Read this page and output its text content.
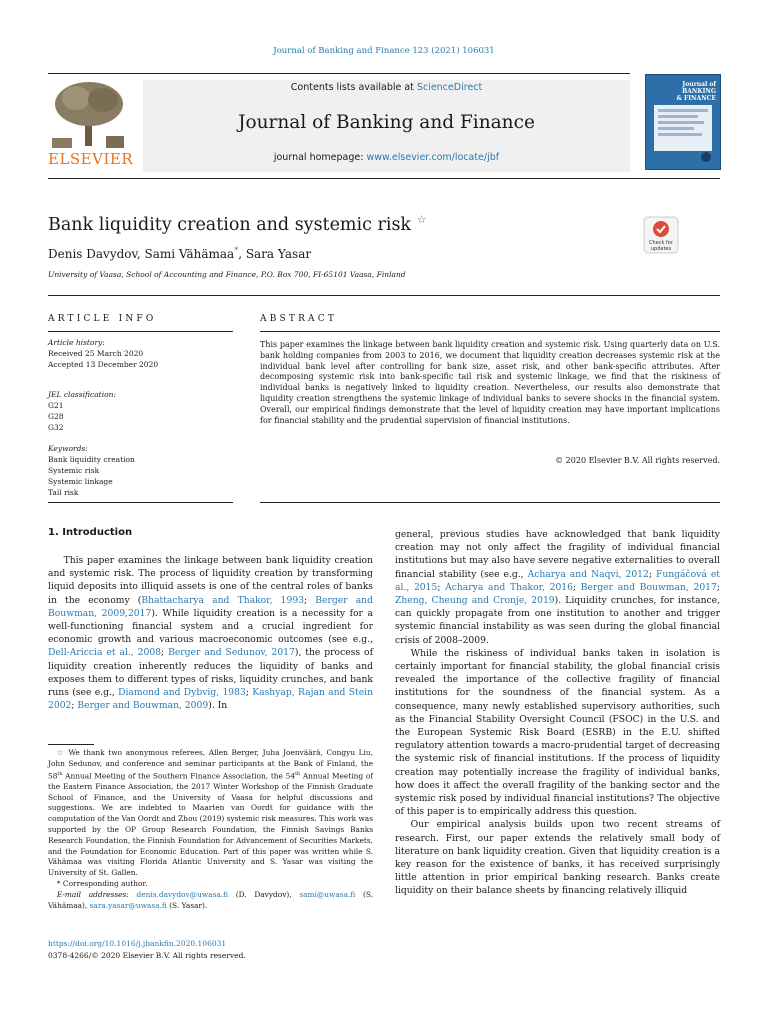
Journal of Banking and Finance 123 (2021) 106031
ELSEVIER
Contents lists available at ScienceDirect
Journal of Banking and Finance
journal homepage: www.elsevier.com/locate/jbf
Journal of
BANKING
& FINANCE
Bank liquidity creation and systemic risk ☆
Denis Davydov, Sami Vähämaa*, Sara Yasar
University of Vaasa, School of Accounting and Finance, P.O. Box 700, FI-65101 Vaasa, Finland
Check for
updates
ARTICLE INFO	ABSTRACT
Article history:
Received 25 March 2020
Accepted 13 December 2020
JEL classification:
G21
G28
G32
Keywords:
Bank liquidity creation
Systemic risk
Systemic linkage
Tail risk
This paper examines the linkage between bank liquidity creation and systemic risk. Using quarterly data on U.S. bank holding companies from 2003 to 2016, we document that liquidity creation decreases systemic risk at the individual bank level after controlling for bank size, asset risk, and other bank-specific attributes. After decomposing systemic risk into bank-specific tail risk and systemic linkage, we find that the riskiness of individual banks is negatively linked to liquidity creation. Nevertheless, our results also demonstrate that liquidity creation strengthens the systemic linkage of individual banks to severe shocks in the financial system. Overall, our empirical findings demonstrate that the level of liquidity creation may have important implications for financial stability and the prudential supervision of financial institutions.
© 2020 Elsevier B.V. All rights reserved.
1. Introduction

This paper examines the linkage between bank liquidity creation and systemic risk. The process of liquidity creation by transforming liquid deposits into illiquid assets is one of the central roles of banks in the economy (Bhattacharya and Thakor, 1993; Berger and Bouwman, 2009,2017). While liquidity creation is a necessity for a well-functioning financial system and a crucial ingredient for economic growth and various macroeconomic outcomes (see e.g., Dell-Ariccia et al., 2008; Berger and Sedunov, 2017), the process of liquidity creation inherently reduces the liquidity of banks and exposes them to different types of risks, liquidity crunches, and bank runs (see e.g., Diamond and Dybvig, 1983; Kashyap, Rajan and Stein 2002; Berger and Bouwman, 2009). In

general, previous studies have acknowledged that bank liquidity creation may not only affect the fragility of individual financial institutions but may also have severe negative externalities to overall financial stability (see e.g., Acharya and Naqvi, 2012; Fungáčová et al., 2015; Acharya and Thakor, 2016; Berger and Bouwman, 2017; Zheng, Cheung and Cronje, 2019). Liquidity crunches, for instance, can quickly propagate from one institution to another and trigger systemic financial instability as was seen during the global financial crisis of 2008–2009.

While the riskiness of individual banks taken in isolation is certainly important for financial stability, the global financial crisis revealed the importance of the collective fragility of financial institutions for the soundness of the financial system. As a consequence, many newly established supervisory authorities, such as the Financial Stability Oversight Council (FSOC) in the U.S. and the European Systemic Risk Board (ESRB) in the E.U. shifted regulatory attention towards a macro-prudential target of decreasing the systemic risk of financial institutions. If the process of liquidity creation may potentially increase the fragility of individual banks, how does it affect the overall fragility of the banking sector and the systemic risk posed by individual financial institutions? The objective of this paper is to empirically address this question.

Our empirical analysis builds upon two recent streams of research. First, our paper extends the relatively small body of literature on bank liquidity creation. Given that liquidity creation is a key reason for the existence of banks, it has received surprisingly little attention in prior empirical banking research. Banks create liquidity on their balance sheets by financing relatively illiquid

☆ We thank two anonymous referees, Allen Berger, Juha Joenväärä, Congyu Liu, John Sedunov, and conference and seminar participants at the Bank of Finland, the 58th Annual Meeting of the Southern Finance Association, the 54th Annual Meeting of the Eastern Finance Association, the 2017 Winter Workshop of the Finnish Graduate School of Finance, and the University of Vaasa for helpful discussions and suggestions. We are indebted to Maarten van Oordt for guidance with the computation of the Van Oordt and Zhou (2019) systemic risk measures. This work was supported by the OP Group Research Foundation, the Finnish Savings Banks Research Foundation, the Finnish Foundation for Advancement of Securities Markets, and the Foundation for Economic Education. Part of this paper was written while S. Vähämaa was visiting Florida Atlantic University and S. Yasar was visiting the University of St. Gallen.

* Corresponding author.

E-mail addresses: denis.davydov@uwasa.fi (D. Davydov), sami@uwasa.fi (S. Vähämaa), sara.yasar@uwasa.fi (S. Yasar).

https://doi.org/10.1016/j.jbankfin.2020.106031
0378-4266/© 2020 Elsevier B.V. All rights reserved.
